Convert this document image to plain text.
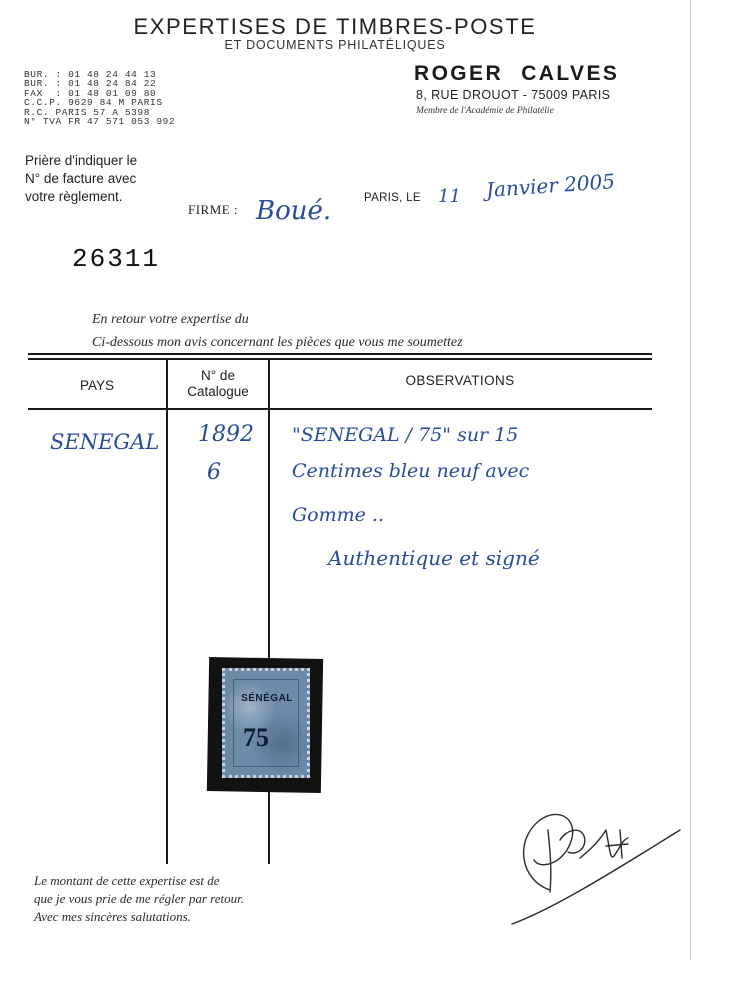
EXPERTISES DE TIMBRES-POSTE
ET DOCUMENTS PHILATÉLIQUES
BUR. : 01 48 24 44 13
BUR. : 01 48 24 84 22
FAX  : 01 48 01 09 80
C.C.P. 9629 84 M PARIS
R.C. PARIS 57 A 5398
N° TVA FR 47 571 053 992
ROGER CALVES
8, RUE DROUOT - 75009 PARIS
Membre de l'Académie de Philatélie
Prière d'indiquer le
N° de facture avec
votre règlement.
FIRME : Boué.	PARIS, LE 11 Janvier 2005
26311
En retour votre expertise du
Ci-dessous mon avis concernant les pièces que vous me soumettez
PAYS
N° de
Catalogue
OBSERVATIONS
SENEGAL 1892
6
"SENEGAL / 75" sur 15
Centimes bleu neuf avec
Gomme ..
Authentique et signé
SÉNÉGAL
75
Le montant de cette expertise est de
que je vous prie de me régler par retour.
Avec mes sincères salutations.
